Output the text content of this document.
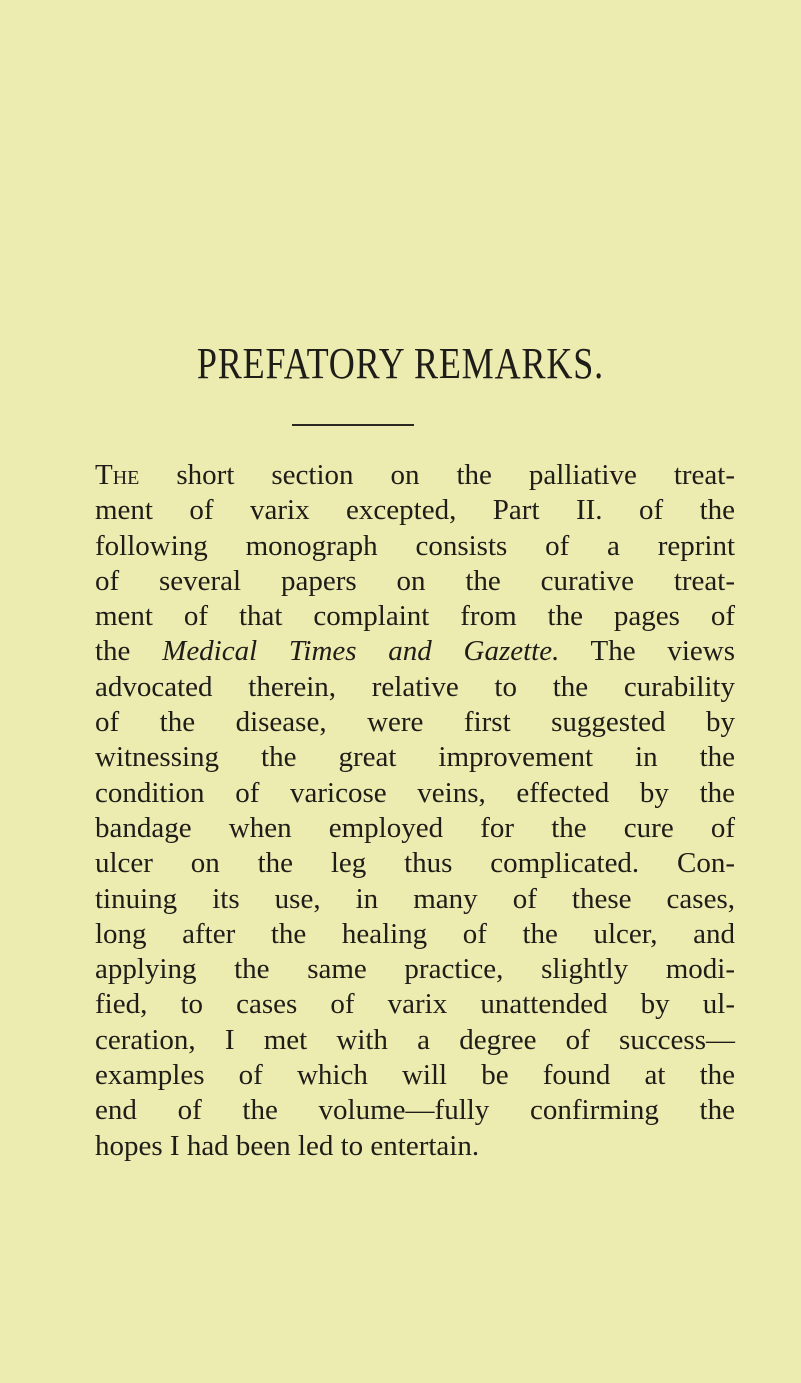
PREFATORY REMARKS.
The short section on the palliative treat-
ment of varix excepted, Part II. of the
following monograph consists of a reprint
of several papers on the curative treat-
ment of that complaint from the pages of
the Medical Times and Gazette. The views
advocated therein, relative to the curability
of the disease, were first suggested by
witnessing the great improvement in the
condition of varicose veins, effected by the
bandage when employed for the cure of
ulcer on the leg thus complicated. Con-
tinuing its use, in many of these cases,
long after the healing of the ulcer, and
applying the same practice, slightly modi-
fied, to cases of varix unattended by ul-
ceration, I met with a degree of success—
examples of which will be found at the
end of the volume—fully confirming the
hopes I had been led to entertain.
